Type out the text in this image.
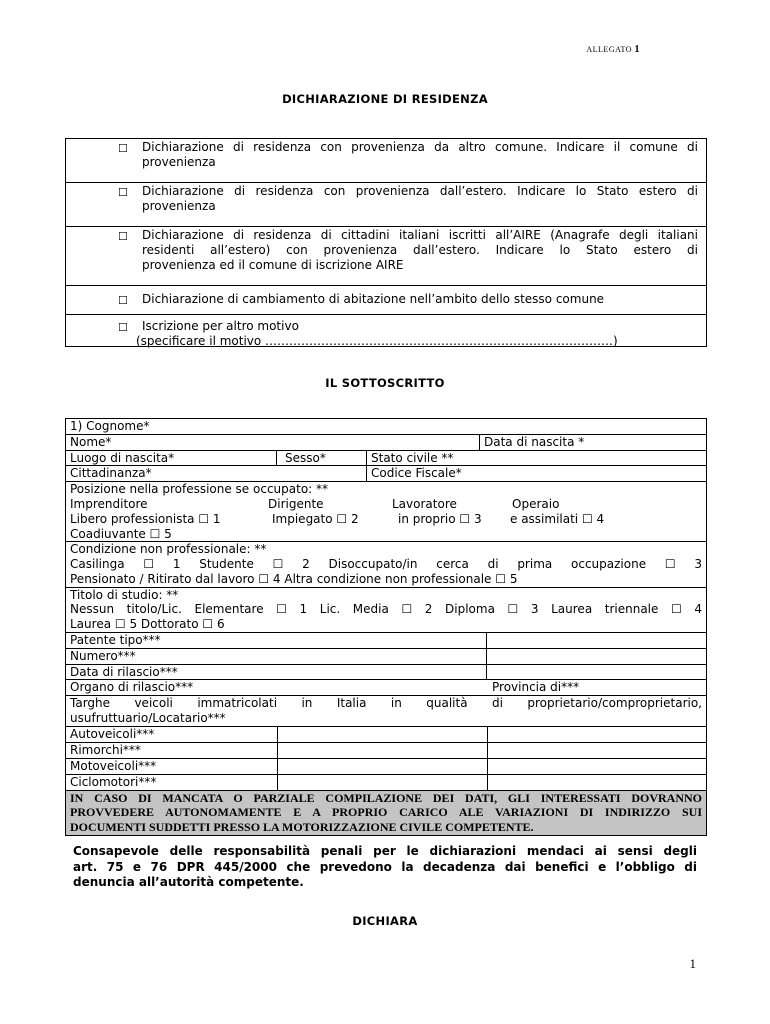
ALLEGATO 1
DICHIARAZIONE DI RESIDENZA
☐	Dichiarazione di residenza con provenienza da altro comune. Indicare il comune di
provenienza
☐	Dichiarazione di residenza con provenienza dall’estero. Indicare lo Stato estero di
provenienza
☐	Dichiarazione di residenza di cittadini italiani iscritti all’AIRE (Anagrafe degli italiani
residenti all’estero) con provenienza dall’estero. Indicare lo Stato estero di
provenienza ed il comune di iscrizione AIRE
☐	Dichiarazione di cambiamento di abitazione nell’ambito dello stesso comune
☐	Iscrizione per altro motivo
(specificare il motivo ……………………………………………………………………………)
IL SOTTOSCRITTO
1) Cognome*
Nome*	Data di nascita *
Luogo di nascita*	Sesso*	Stato civile **
Cittadinanza*	Codice Fiscale*
Posizione nella professione se occupato: **
Imprenditore	Dirigente	Lavoratore	Operaio
Libero professionista ☐ 1	Impiegato ☐ 2	in proprio ☐ 3 e assimilati ☐ 4
Coadiuvante ☐ 5
Condizione non professionale: **
Casilinga ☐ 1 Studente ☐ 2 Disoccupato/in cerca di prima occupazione ☐ 3
Pensionato / Ritirato dal lavoro ☐ 4 Altra condizione non professionale ☐ 5
Titolo di studio: **
Nessun titolo/Lic. Elementare ☐ 1 Lic. Media ☐ 2 Diploma ☐ 3 Laurea triennale ☐ 4
Laurea ☐ 5 Dottorato ☐ 6
Patente tipo***
Numero***
Data di rilascio***
Organo di rilascio***	Provincia di***
Targhe veicoli immatricolati in Italia in qualità di proprietario/comproprietario,
usufruttuario/Locatario***
Autoveicoli***
Rimorchi***
Motoveicoli***
Ciclomotori***
IN CASO DI MANCATA O PARZIALE COMPILAZIONE DEI DATI, GLI INTERESSATI DOVRANNO
PROVVEDERE AUTONOMAMENTE E A PROPRIO CARICO ALE VARIAZIONI DI INDIRIZZO SUI
DOCUMENTI SUDDETTI PRESSO LA MOTORIZZAZIONE CIVILE COMPETENTE.
Consapevole delle responsabilità penali per le dichiarazioni mendaci ai sensi degli
art. 75 e 76 DPR 445/2000 che prevedono la decadenza dai benefici e l’obbligo di
denuncia all’autorità competente.
DICHIARA
1
